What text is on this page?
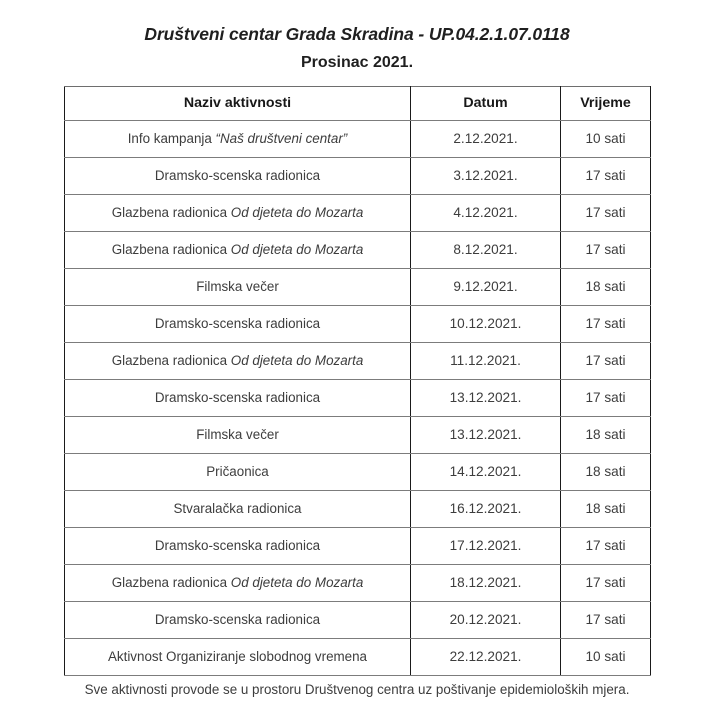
Društveni centar Grada Skradina - UP.04.2.1.07.0118
Prosinac 2021.
Naziv aktivnosti	Datum	Vrijeme
Info kampanja “Naš društveni centar”	2.12.2021.	10 sati
Dramsko-scenska radionica	3.12.2021.	17 sati
Glazbena radionica Od djeteta do Mozarta	4.12.2021.	17 sati
Glazbena radionica Od djeteta do Mozarta	8.12.2021.	17 sati
Filmska večer	9.12.2021.	18 sati
Dramsko-scenska radionica	10.12.2021.	17 sati
Glazbena radionica Od djeteta do Mozarta	11.12.2021.	17 sati
Dramsko-scenska radionica	13.12.2021.	17 sati
Filmska večer	13.12.2021.	18 sati
Pričaonica	14.12.2021.	18 sati
Stvaralačka radionica	16.12.2021.	18 sati
Dramsko-scenska radionica	17.12.2021.	17 sati
Glazbena radionica Od djeteta do Mozarta	18.12.2021.	17 sati
Dramsko-scenska radionica	20.12.2021.	17 sati
Aktivnost Organiziranje slobodnog vremena	22.12.2021.	10 sati
Sve aktivnosti provode se u prostoru Društvenog centra uz poštivanje epidemioloških mjera.
